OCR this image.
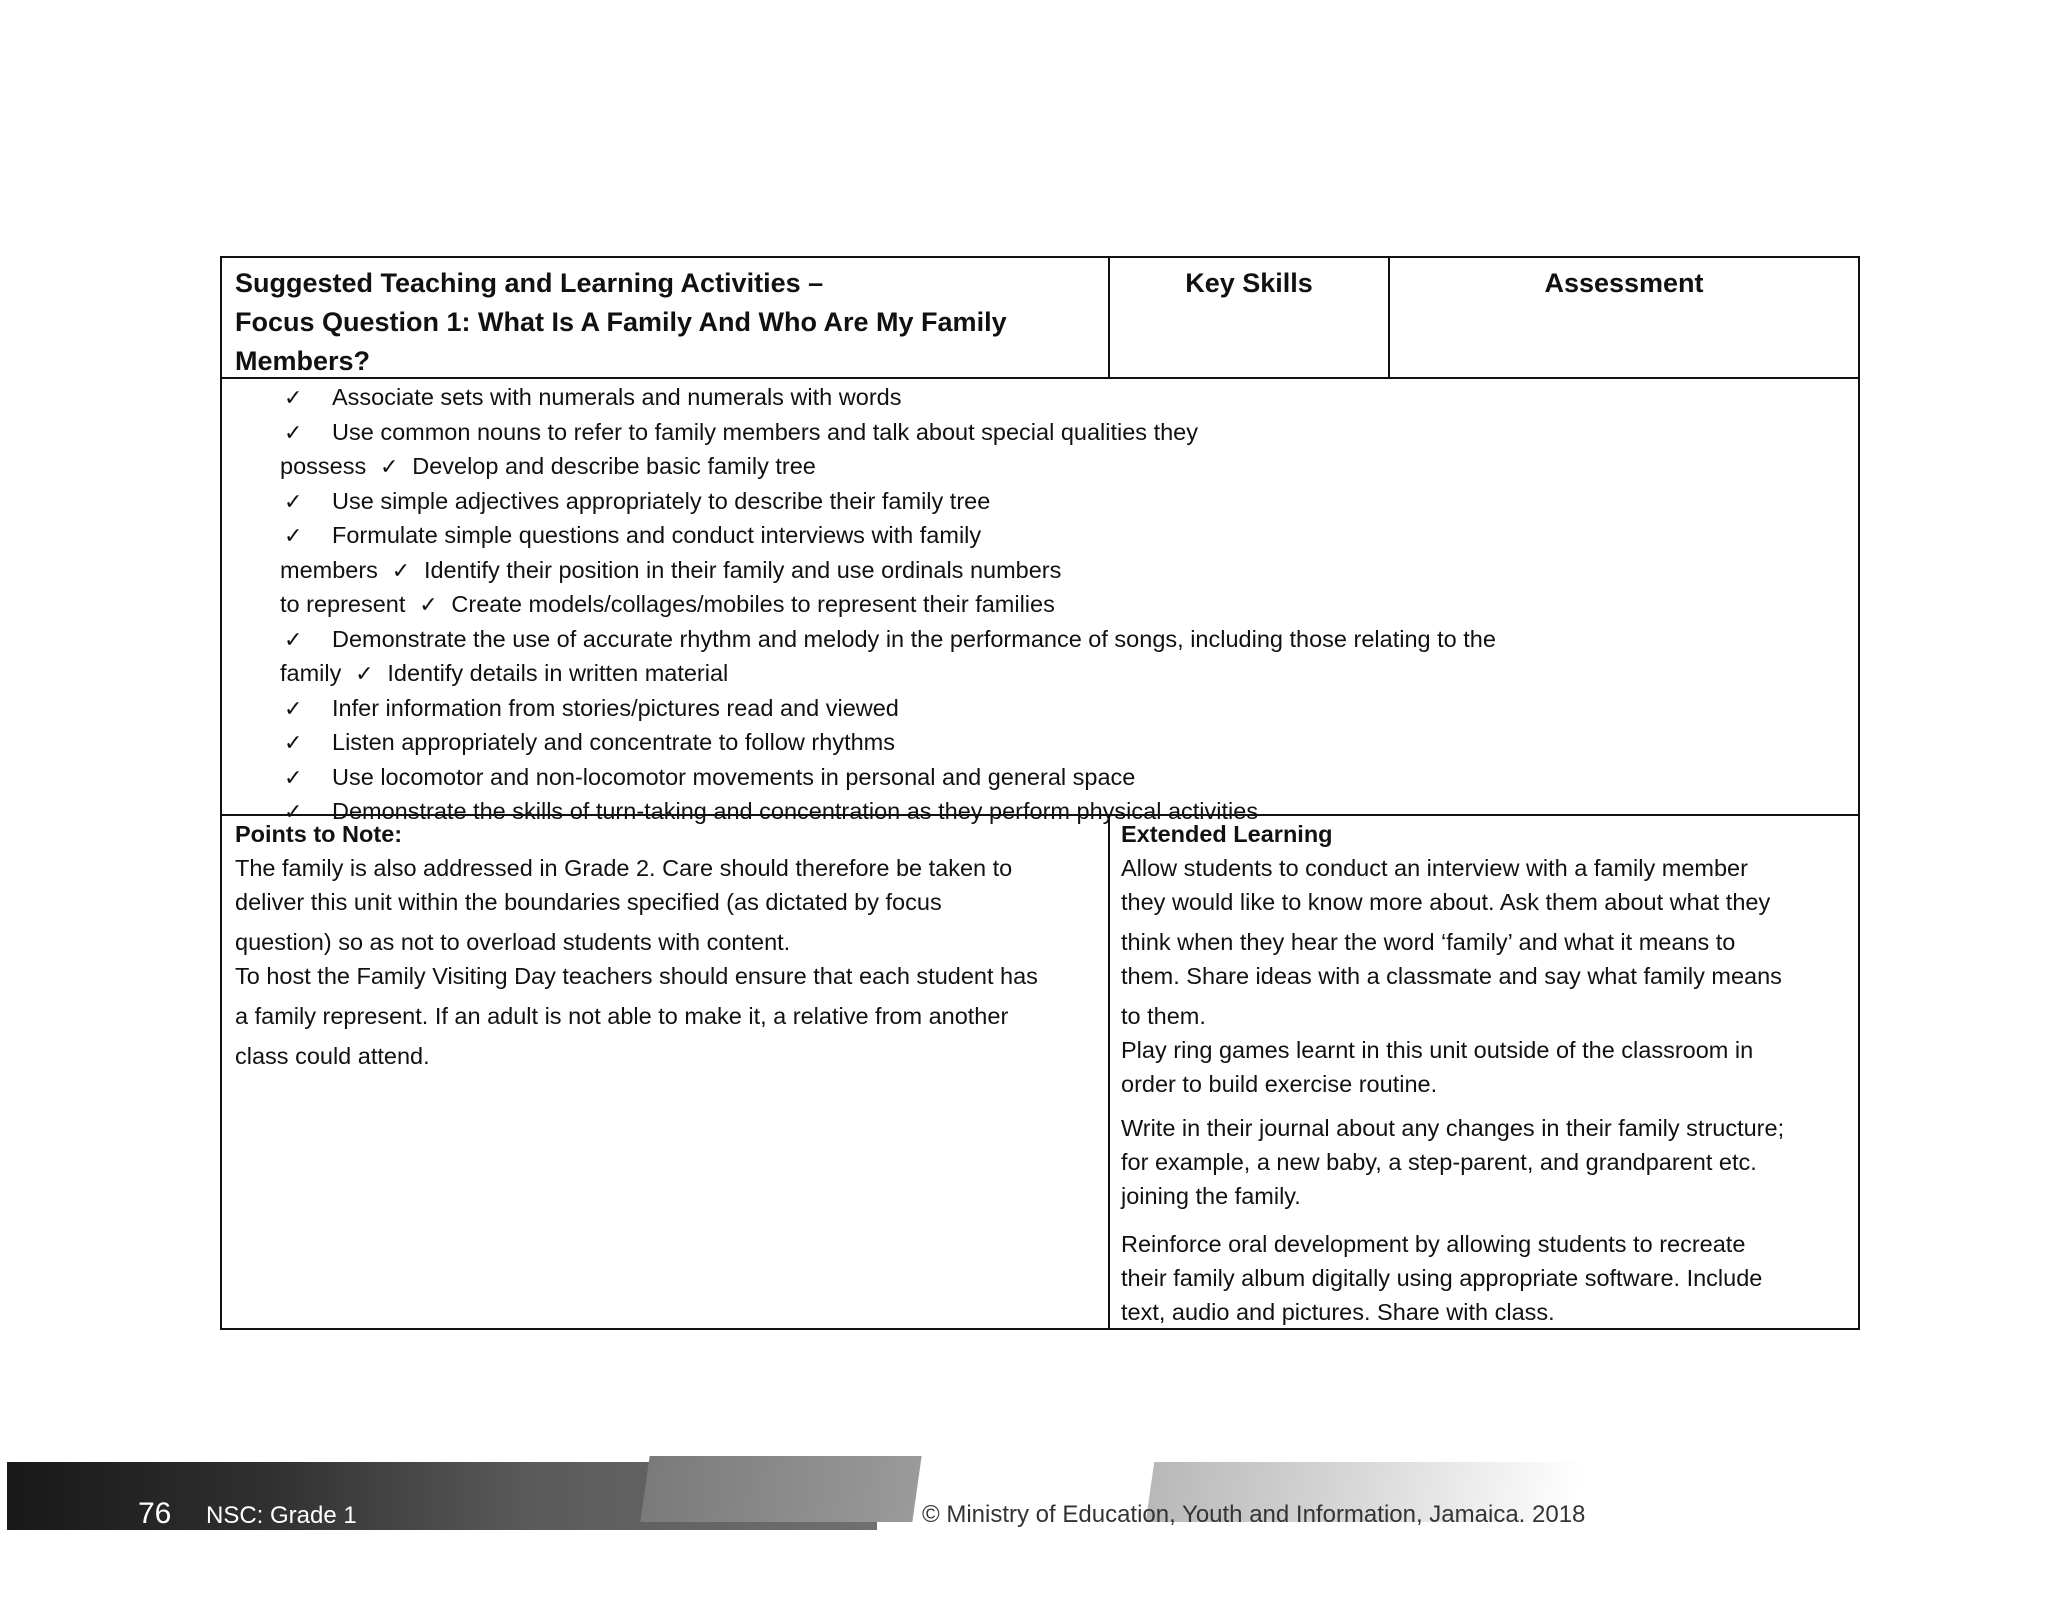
Suggested Teaching and Learning Activities –
Focus Question 1: What Is A Family And Who Are My Family
Members?
Key Skills	Assessment
✓ Associate sets with numerals and numerals with words
✓ Use common nouns to refer to family members and talk about special qualities they
possess ✓ Develop and describe basic family tree
✓ Use simple adjectives appropriately to describe their family tree
✓ Formulate simple questions and conduct interviews with family
members ✓ Identify their position in their family and use ordinals numbers
to represent ✓ Create models/collages/mobiles to represent their families
✓ Demonstrate the use of accurate rhythm and melody in the performance of songs, including those relating to the
family ✓ Identify details in written material
✓ Infer information from stories/pictures read and viewed
✓ Listen appropriately and concentrate to follow rhythms
✓ Use locomotor and non-locomotor movements in personal and general space
✓ Demonstrate the skills of turn-taking and concentration as they perform physical activities
Points to Note:
The family is also addressed in Grade 2. Care should therefore be taken to
deliver this unit within the boundaries specified (as dictated by focus
question) so as not to overload students with content.
To host the Family Visiting Day teachers should ensure that each student has
a family represent. If an adult is not able to make it, a relative from another
class could attend.
Extended Learning
Allow students to conduct an interview with a family member
they would like to know more about. Ask them about what they
think when they hear the word ‘family’ and what it means to
them. Share ideas with a classmate and say what family means
to them.
Play ring games learnt in this unit outside of the classroom in
order to build exercise routine.
Write in their journal about any changes in their family structure;
for example, a new baby, a step-parent, and grandparent etc.
joining the family.
Reinforce oral development by allowing students to recreate
their family album digitally using appropriate software. Include
text, audio and pictures. Share with class.
76 NSC: Grade 1	© Ministry of Education, Youth and Information, Jamaica. 2018
